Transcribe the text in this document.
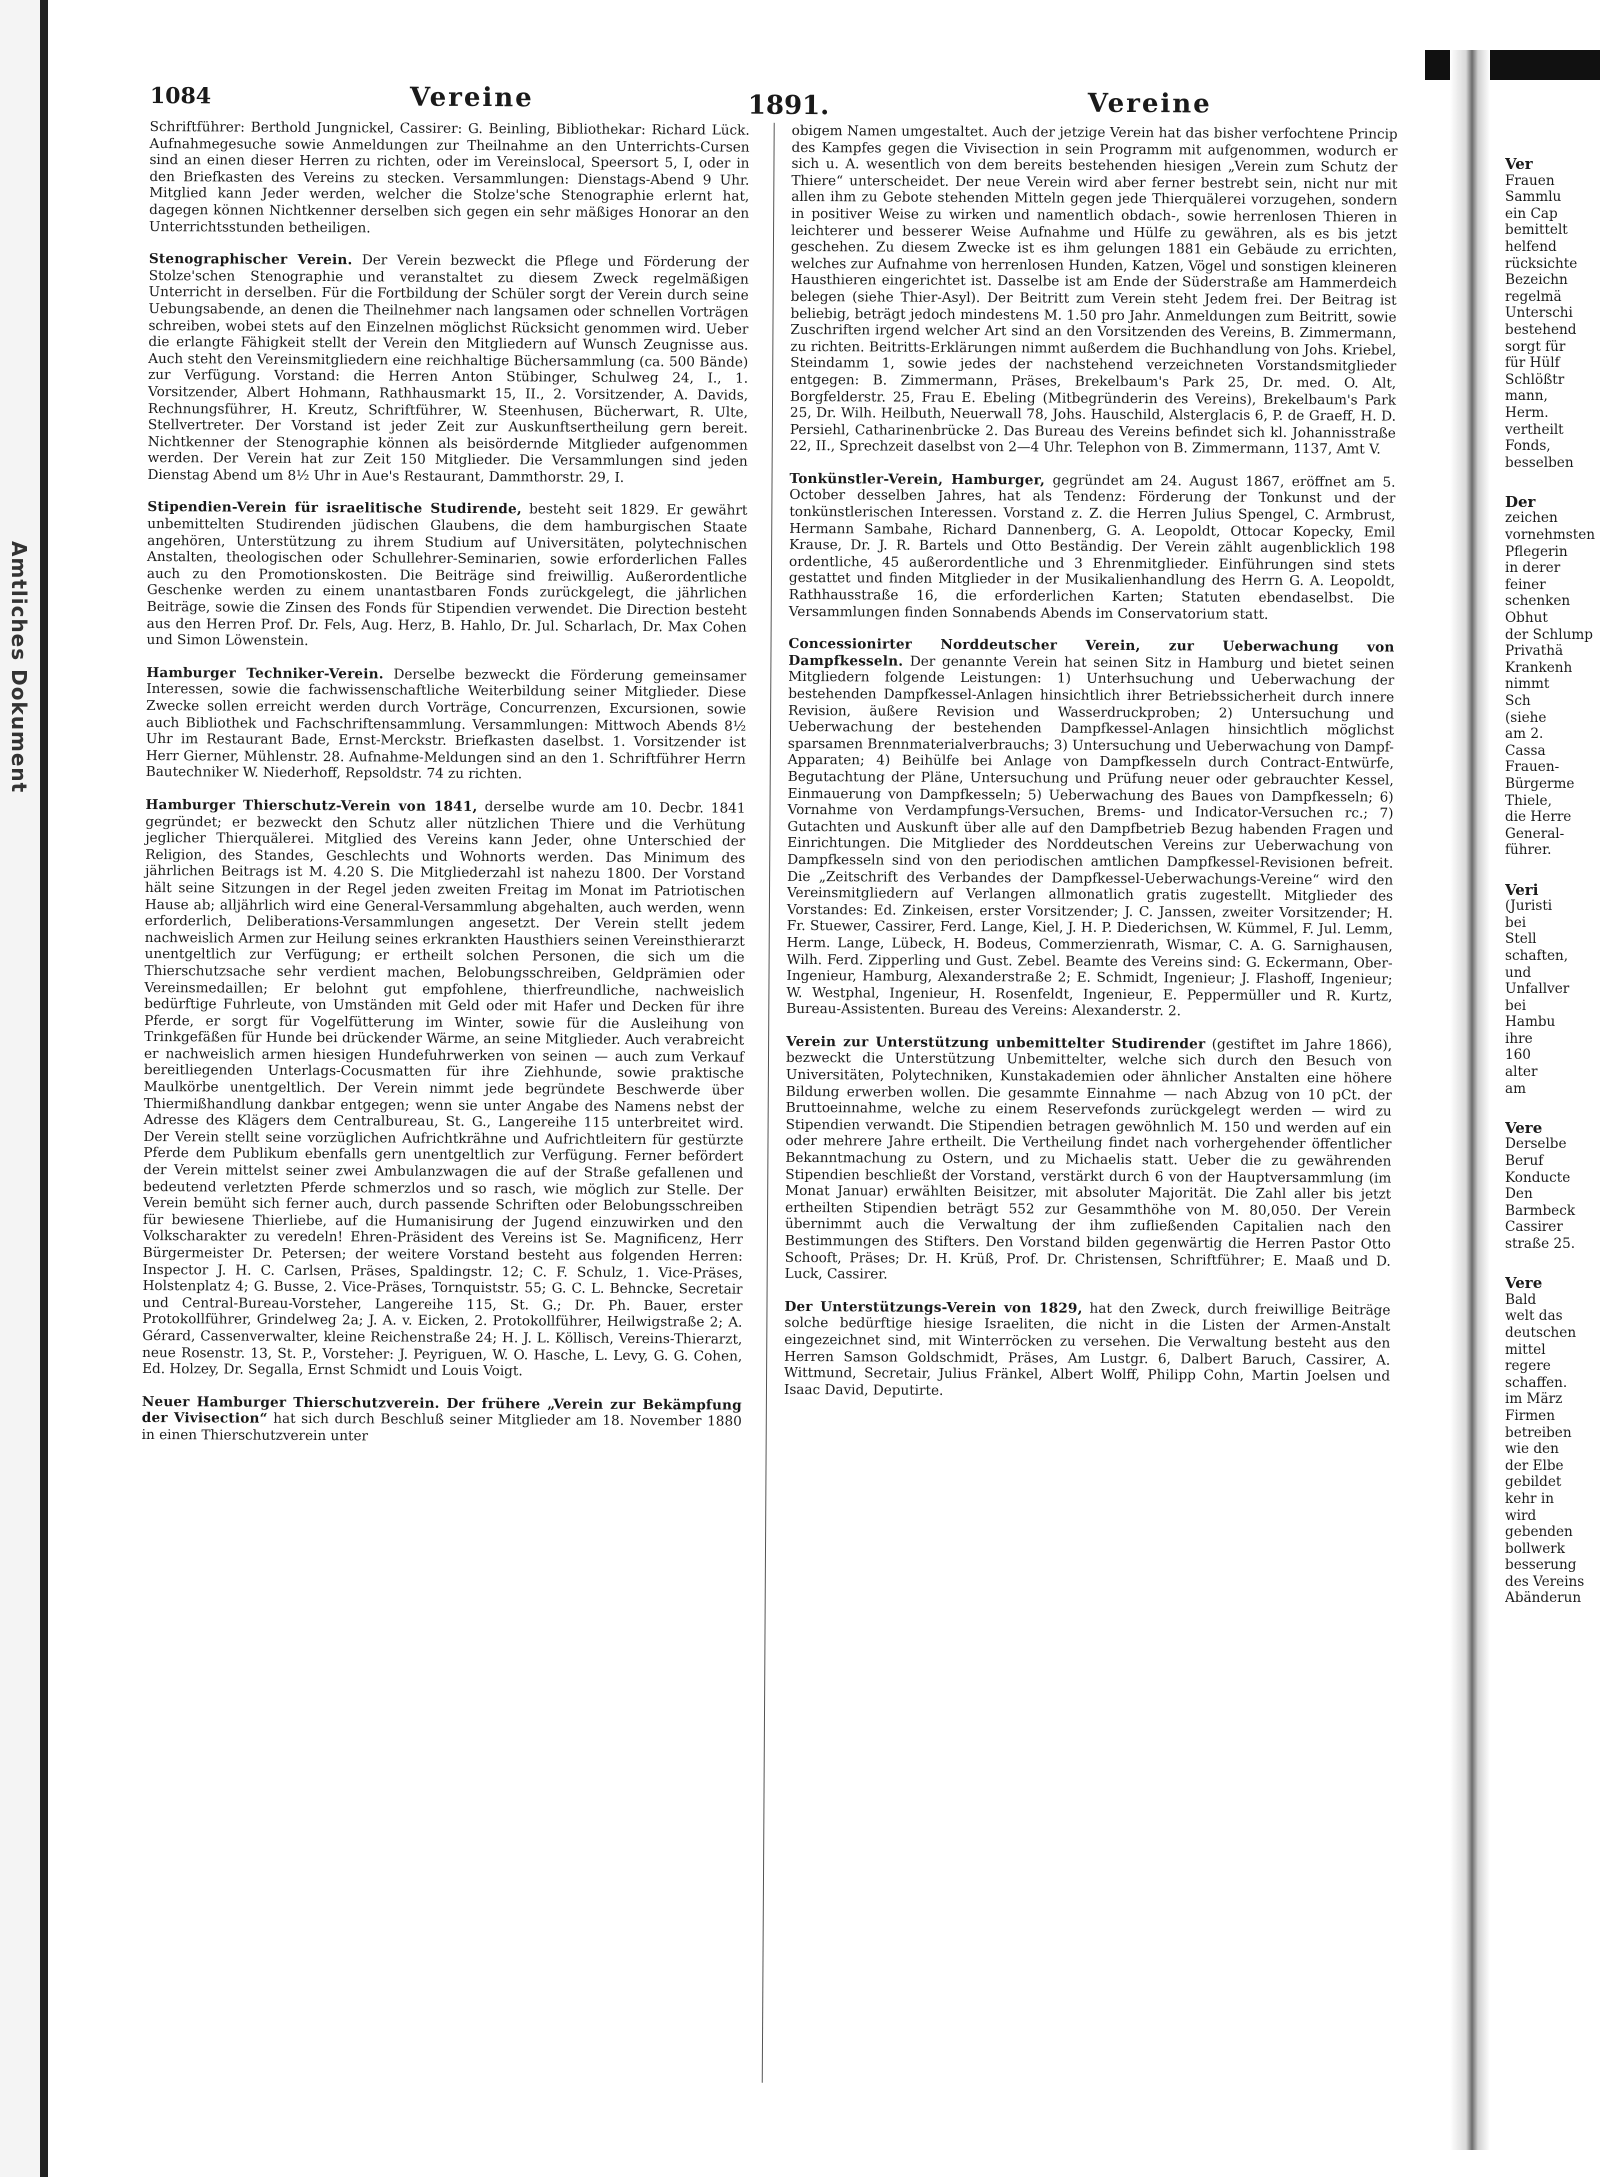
Amtliches Dokument
1084	Vereine	1891.	Vereine

Schriftführer: Berthold Jungnickel, Cassirer: G. Beinling, Bibliothekar: Richard Lück. Aufnahmegesuche sowie Anmeldungen zur Theilnahme an den Unterrichts-Cursen sind an einen dieser Herren zu richten, oder im Vereinslocal, Speersort 5, I, oder in den Briefkasten des Vereins zu stecken. Versammlungen: Dienstags-Abend 9 Uhr. Mitglied kann Jeder werden, welcher die Stolze'sche Stenographie erlernt hat, dagegen können Nichtkenner derselben sich gegen ein sehr mäßiges Honorar an den Unterrichtsstunden betheiligen.

Stenographischer Verein. Der Verein bezweckt die Pflege und Förderung der Stolze'schen Stenographie und veranstaltet zu diesem Zweck regelmäßigen Unterricht in derselben. Für die Fortbildung der Schüler sorgt der Verein durch seine Uebungsabende, an denen die Theilnehmer nach langsamen oder schnellen Vorträgen schreiben, wobei stets auf den Einzelnen möglichst Rücksicht genommen wird. Ueber die erlangte Fähigkeit stellt der Verein den Mitgliedern auf Wunsch Zeugnisse aus. Auch steht den Vereinsmitgliedern eine reichhaltige Büchersammlung (ca. 500 Bände) zur Verfügung. Vorstand: die Herren Anton Stübinger, Schulweg 24, I., 1. Vorsitzender, Albert Hohmann, Rathhausmarkt 15, II., 2. Vorsitzender, A. Davids, Rechnungsführer, H. Kreutz, Schriftführer, W. Steenhusen, Bücherwart, R. Ulte, Stellvertreter. Der Vorstand ist jeder Zeit zur Auskunftsertheilung gern bereit. Nichtkenner der Stenographie können als beisördernde Mitglieder aufgenommen werden. Der Verein hat zur Zeit 150 Mitglieder. Die Versammlungen sind jeden Dienstag Abend um 8½ Uhr in Aue's Restaurant, Dammthorstr. 29, I.

Stipendien-Verein für israelitische Studirende, besteht seit 1829. Er gewährt unbemittelten Studirenden jüdischen Glaubens, die dem hamburgischen Staate angehören, Unterstützung zu ihrem Studium auf Universitäten, polytechnischen Anstalten, theologischen oder Schullehrer-Seminarien, sowie erforderlichen Falles auch zu den Promotionskosten. Die Beiträge sind freiwillig. Außerordentliche Geschenke werden zu einem unantastbaren Fonds zurückgelegt, die jährlichen Beiträge, sowie die Zinsen des Fonds für Stipendien verwendet. Die Direction besteht aus den Herren Prof. Dr. Fels, Aug. Herz, B. Hahlo, Dr. Jul. Scharlach, Dr. Max Cohen und Simon Löwenstein.

Hamburger Techniker-Verein. Derselbe bezweckt die Förderung gemeinsamer Interessen, sowie die fachwissenschaftliche Weiterbildung seiner Mitglieder. Diese Zwecke sollen erreicht werden durch Vorträge, Concurrenzen, Excursionen, sowie auch Bibliothek und Fachschriftensammlung. Versammlungen: Mittwoch Abends 8½ Uhr im Restaurant Bade, Ernst-Merckstr. Briefkasten daselbst. 1. Vorsitzender ist Herr Gierner, Mühlenstr. 28. Aufnahme-Meldungen sind an den 1. Schriftführer Herrn Bautechniker W. Niederhoff, Repsoldstr. 74 zu richten.

Hamburger Thierschutz-Verein von 1841, derselbe wurde am 10. Decbr. 1841 gegründet; er bezweckt den Schutz aller nützlichen Thiere und die Verhütung jeglicher Thierquälerei. Mitglied des Vereins kann Jeder, ohne Unterschied der Religion, des Standes, Geschlechts und Wohnorts werden. Das Minimum des jährlichen Beitrags ist M. 4.20 Ѕ. Die Mitgliederzahl ist nahezu 1800. Der Vorstand hält seine Sitzungen in der Regel jeden zweiten Freitag im Monat im Patriotischen Hause ab; alljährlich wird eine General-Versammlung abgehalten, auch werden, wenn erforderlich, Deliberations-Versammlungen angesetzt. Der Verein stellt jedem nachweislich Armen zur Heilung seines erkrankten Hausthiers seinen Vereinsthierarzt unentgeltlich zur Verfügung; er ertheilt solchen Personen, die sich um die Thierschutzsache sehr verdient machen, Belobungsschreiben, Geldprämien oder Vereinsmedaillen; Er belohnt gut empfohlene, thierfreundliche, nachweislich bedürftige Fuhrleute, von Umständen mit Geld oder mit Hafer und Decken für ihre Pferde, er sorgt für Vogelfütterung im Winter, sowie für die Ausleihung von Trinkgefäßen für Hunde bei drückender Wärme, an seine Mitglieder. Auch verabreicht er nachweislich armen hiesigen Hundefuhrwerken von seinen — auch zum Verkauf bereitliegenden Unterlags-Cocusmatten für ihre Ziehhunde, sowie praktische Maulkörbe unentgeltlich. Der Verein nimmt jede begründete Beschwerde über Thiermißhandlung dankbar entgegen; wenn sie unter Angabe des Namens nebst der Adresse des Klägers dem Centralbureau, St. G., Langereihe 115 unterbreitet wird. Der Verein stellt seine vorzüglichen Aufrichtkrähne und Aufrichtleitern für gestürzte Pferde dem Publikum ebenfalls gern unentgeltlich zur Verfügung. Ferner befördert der Verein mittelst seiner zwei Ambulanzwagen die auf der Straße gefallenen und bedeutend verletzten Pferde schmerzlos und so rasch, wie möglich zur Stelle. Der Verein bemüht sich ferner auch, durch passende Schriften oder Belobungsschreiben für bewiesene Thierliebe, auf die Humanisirung der Jugend einzuwirken und den Volkscharakter zu veredeln! Ehren-Präsident des Vereins ist Se. Magnificenz, Herr Bürgermeister Dr. Petersen; der weitere Vorstand besteht aus folgenden Herren: Inspector J. H. C. Carlsen, Präses, Spaldingstr. 12; C. F. Schulz, 1. Vice-Präses, Holstenplatz 4; G. Busse, 2. Vice-Präses, Tornquiststr. 55; G. C. L. Behncke, Secretair und Central-Bureau-Vorsteher, Langereihe 115, St. G.; Dr. Ph. Bauer, erster Protokollführer, Grindelweg 2a; J. A. v. Eicken, 2. Protokollführer, Heilwigstraße 2; A. Gérard, Cassenverwalter, kleine Reichenstraße 24; H. J. L. Köllisch, Vereins-Thierarzt, neue Rosenstr. 13, St. P., Vorsteher: J. Peyriguen, W. O. Hasche, L. Levy, G. G. Cohen, Ed. Holzey, Dr. Segalla, Ernst Schmidt und Louis Voigt.

Neuer Hamburger Thierschutzverein. Der frühere „Verein zur Bekämpfung der Vivisection“ hat sich durch Beschluß seiner Mitglieder am 18. November 1880 in einen Thierschutzverein unter

obigem Namen umgestaltet. Auch der jetzige Verein hat das bisher verfochtene Princip des Kampfes gegen die Vivisection in sein Programm mit aufgenommen, wodurch er sich u. A. wesentlich von dem bereits bestehenden hiesigen „Verein zum Schutz der Thiere“ unterscheidet. Der neue Verein wird aber ferner bestrebt sein, nicht nur mit allen ihm zu Gebote stehenden Mitteln gegen jede Thierquälerei vorzugehen, sondern in positiver Weise zu wirken und namentlich obdach-, sowie herrenlosen Thieren in leichterer und besserer Weise Aufnahme und Hülfe zu gewähren, als es bis jetzt geschehen. Zu diesem Zwecke ist es ihm gelungen 1881 ein Gebäude zu errichten, welches zur Aufnahme von herrenlosen Hunden, Katzen, Vögel und sonstigen kleineren Hausthieren eingerichtet ist. Dasselbe ist am Ende der Süderstraße am Hammerdeich belegen (siehe Thier-Asyl). Der Beitritt zum Verein steht Jedem frei. Der Beitrag ist beliebig, beträgt jedoch mindestens M. 1.50 pro Jahr. Anmeldungen zum Beitritt, sowie Zuschriften irgend welcher Art sind an den Vorsitzenden des Vereins, B. Zimmermann, zu richten. Beitritts-Erklärungen nimmt außerdem die Buchhandlung von Johs. Kriebel, Steindamm 1, sowie jedes der nachstehend verzeichneten Vorstandsmitglieder entgegen: B. Zimmermann, Präses, Brekelbaum's Park 25, Dr. med. O. Alt, Borgfelderstr. 25, Frau E. Ebeling (Mitbegründerin des Vereins), Brekelbaum's Park 25, Dr. Wilh. Heilbuth, Neuerwall 78, Johs. Hauschild, Alsterglacis 6, P. de Graeff, H. D. Persiehl, Catharinenbrücke 2. Das Bureau des Vereins befindet sich kl. Johannisstraße 22, II., Sprechzeit daselbst von 2—4 Uhr. Telephon von B. Zimmermann, 1137, Amt V.

Tonkünstler-Verein, Hamburger, gegründet am 24. August 1867, eröffnet am 5. October desselben Jahres, hat als Tendenz: Förderung der Tonkunst und der tonkünstlerischen Interessen. Vorstand z. Z. die Herren Julius Spengel, C. Armbrust, Hermann Sambahe, Richard Dannenberg, G. A. Leopoldt, Ottocar Kopecky, Emil Krause, Dr. J. R. Bartels und Otto Beständig. Der Verein zählt augenblicklich 198 ordentliche, 45 außerordentliche und 3 Ehrenmitglieder. Einführungen sind stets gestattet und finden Mitglieder in der Musikalienhandlung des Herrn G. A. Leopoldt, Rathhausstraße 16, die erforderlichen Karten; Statuten ebendaselbst. Die Versammlungen finden Sonnabends Abends im Conservatorium statt.

Concessionirter Norddeutscher Verein, zur Ueberwachung von Dampfkesseln. Der genannte Verein hat seinen Sitz in Hamburg und bietet seinen Mitgliedern folgende Leistungen: 1) Unterhsuchung und Ueberwachung der bestehenden Dampfkessel-Anlagen hinsichtlich ihrer Betriebssicherheit durch innere Revision, äußere Revision und Wasserdruckproben; 2) Untersuchung und Ueberwachung der bestehenden Dampfkessel-Anlagen hinsichtlich möglichst sparsamen Brennmaterialverbrauchs; 3) Untersuchung und Ueberwachung von Dampf-Apparaten; 4) Beihülfe bei Anlage von Dampfkesseln durch Contract-Entwürfe, Begutachtung der Pläne, Untersuchung und Prüfung neuer oder gebrauchter Kessel, Einmauerung von Dampfkesseln; 5) Ueberwachung des Baues von Dampfkesseln; 6) Vornahme von Verdampfungs-Versuchen, Brems- und Indicator-Versuchen rc.; 7) Gutachten und Auskunft über alle auf den Dampfbetrieb Bezug habenden Fragen und Einrichtungen. Die Mitglieder des Norddeutschen Vereins zur Ueberwachung von Dampfkesseln sind von den periodischen amtlichen Dampfkessel-Revisionen befreit. Die „Zeitschrift des Verbandes der Dampfkessel-Ueberwachungs-Vereine“ wird den Vereinsmitgliedern auf Verlangen allmonatlich gratis zugestellt. Mitglieder des Vorstandes: Ed. Zinkeisen, erster Vorsitzender; J. C. Janssen, zweiter Vorsitzender; H. Fr. Stuewer, Cassirer, Ferd. Lange, Kiel, J. H. P. Diederichsen, W. Kümmel, F. Jul. Lemm, Herm. Lange, Lübeck, H. Bodeus, Commerzienrath, Wismar, C. A. G. Sarnighausen, Wilh. Ferd. Zipperling und Gust. Zebel. Beamte des Vereins sind: G. Eckermann, Ober-Ingenieur, Hamburg, Alexanderstraße 2; E. Schmidt, Ingenieur; J. Flashoff, Ingenieur; W. Westphal, Ingenieur, H. Rosenfeldt, Ingenieur, E. Peppermüller und R. Kurtz, Bureau-Assistenten. Bureau des Vereins: Alexanderstr. 2.

Verein zur Unterstützung unbemittelter Studirender (gestiftet im Jahre 1866), bezweckt die Unterstützung Unbemittelter, welche sich durch den Besuch von Universitäten, Polytechniken, Kunstakademien oder ähnlicher Anstalten eine höhere Bildung erwerben wollen. Die gesammte Einnahme — nach Abzug von 10 pCt. der Bruttoeinnahme, welche zu einem Reservefonds zurückgelegt werden — wird zu Stipendien verwandt. Die Stipendien betragen gewöhnlich M. 150 und werden auf ein oder mehrere Jahre ertheilt. Die Vertheilung findet nach vorhergehender öffentlicher Bekanntmachung zu Ostern, und zu Michaelis statt. Ueber die zu gewährenden Stipendien beschließt der Vorstand, verstärkt durch 6 von der Hauptversammlung (im Monat Januar) erwählten Beisitzer, mit absoluter Majorität. Die Zahl aller bis jetzt ertheilten Stipendien beträgt 552 zur Gesammthöhe von M. 80,050. Der Verein übernimmt auch die Verwaltung der ihm zufließenden Capitalien nach den Bestimmungen des Stifters. Den Vorstand bilden gegenwärtig die Herren Pastor Otto Schooft, Präses; Dr. H. Krüß, Prof. Dr. Christensen, Schriftführer; E. Maaß und D. Luck, Cassirer.

Der Unterstützungs-Verein von 1829, hat den Zweck, durch freiwillige Beiträge solche bedürftige hiesige Israeliten, die nicht in die Listen der Armen-Anstalt eingezeichnet sind, mit Winterröcken zu versehen. Die Verwaltung besteht aus den Herren Samson Goldschmidt, Präses, Am Lustgr. 6, Dalbert Baruch, Cassirer, A. Wittmund, Secretair, Julius Fränkel, Albert Wolff, Philipp Cohn, Martin Joelsen und Isaac David, Deputirte.

Ver
Frauen
Sammlu
ein Cap
bemittelt
helfend
rücksichte
Bezeichn
regelmä
Unterschi
bestehend
sorgt für
für Hülf
Schlößtr
mann,
Herm.
vertheilt
Fonds,
besselben
Der
zeichen
vornehmsten
Pflegerin
in derer
feiner
schenken
Obhut
der Schlump
Privathä
Krankenh
nimmt
Sch
(siehe
am 2.
Cassa
Frauen-
Bürgerme
Thiele,
die Herre
General-
führer.
Veri
(Juristi
bei
Stell
schaften,
und
Unfallver
bei
Hambu
ihre
160
alter
am
Vere
Derselbe
Beruf
Konducte
Den
Barmbeck
Cassirer
straße 25.
Vere
Bald
welt das
deutschen
mittel
regere
schaffen.
im März
Firmen
betreiben
wie den
der Elbe
gebildet
kehr in
wird
gebenden
bollwerk
besserung
des Vereins
Abänderun
